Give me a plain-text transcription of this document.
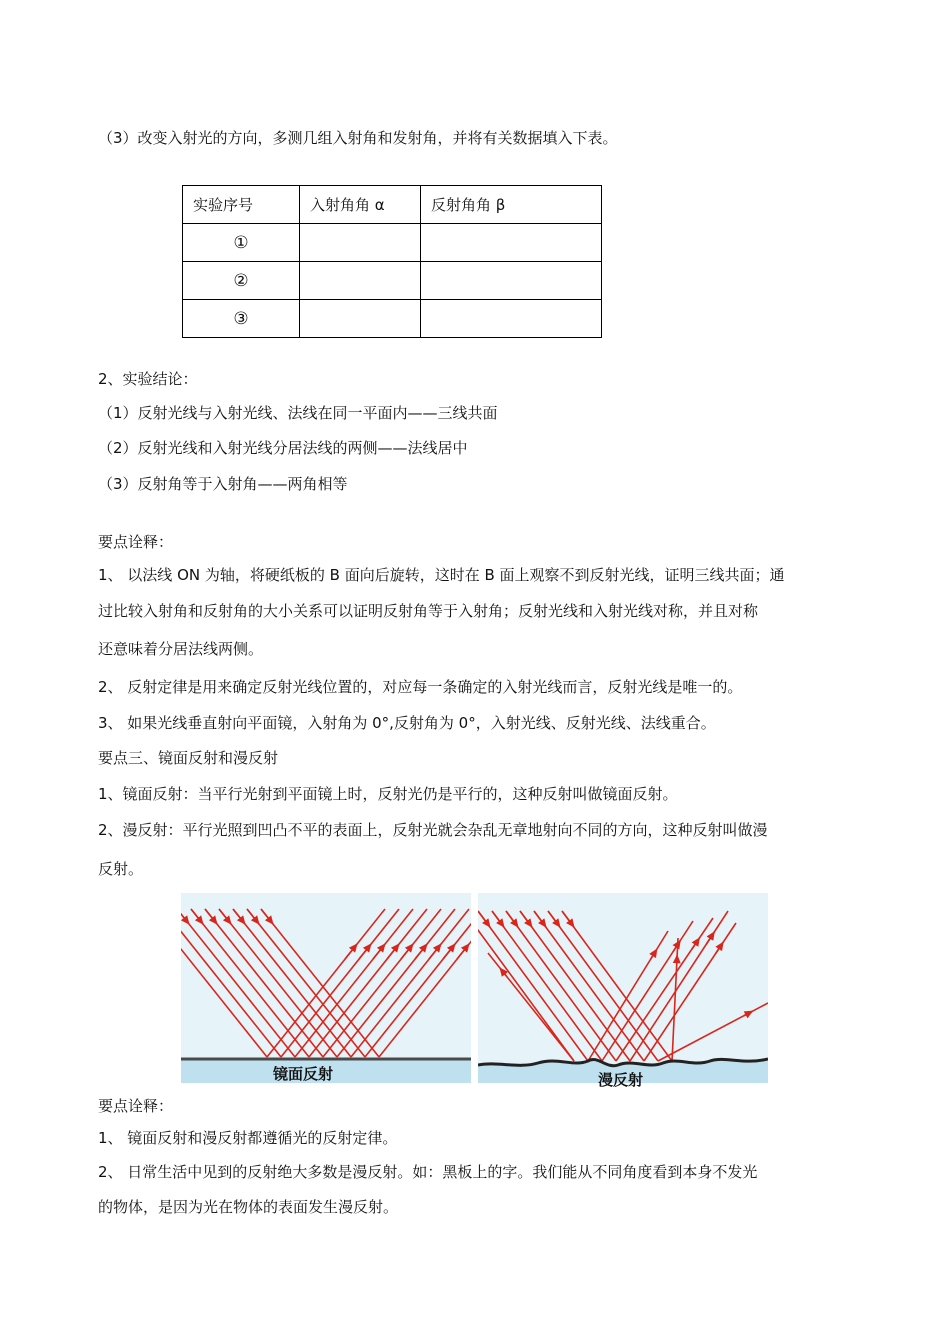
（3）改变入射光的方向，多测几组入射角和发射角，并将有关数据填入下表。
实验序号	入射角角 α	反射角角 β
①		
②		
③		
2、实验结论：
（1）反射光线与入射光线、法线在同一平面内——三线共面
（2）反射光线和入射光线分居法线的两侧——法线居中
（3）反射角等于入射角——两角相等
要点诠释：
1、 以法线 ON 为轴，将硬纸板的 B 面向后旋转，这时在 B 面上观察不到反射光线，证明三线共面；通
过比较入射角和反射角的大小关系可以证明反射角等于入射角；反射光线和入射光线对称，并且对称
还意味着分居法线两侧。
2、 反射定律是用来确定反射光线位置的，对应每一条确定的入射光线而言，反射光线是唯一的。
3、 如果光线垂直射向平面镜，入射角为 0°,反射角为 0°，入射光线、反射光线、法线重合。
要点三、镜面反射和漫反射
1、镜面反射：当平行光射到平面镜上时，反射光仍是平行的，这种反射叫做镜面反射。
2、漫反射：平行光照到凹凸不平的表面上，反射光就会杂乱无章地射向不同的方向，这种反射叫做漫
反射。
镜面反射	漫反射
要点诠释：
1、 镜面反射和漫反射都遵循光的反射定律。
2、 日常生活中见到的反射绝大多数是漫反射。如：黑板上的字。我们能从不同角度看到本身不发光
的物体，是因为光在物体的表面发生漫反射。
